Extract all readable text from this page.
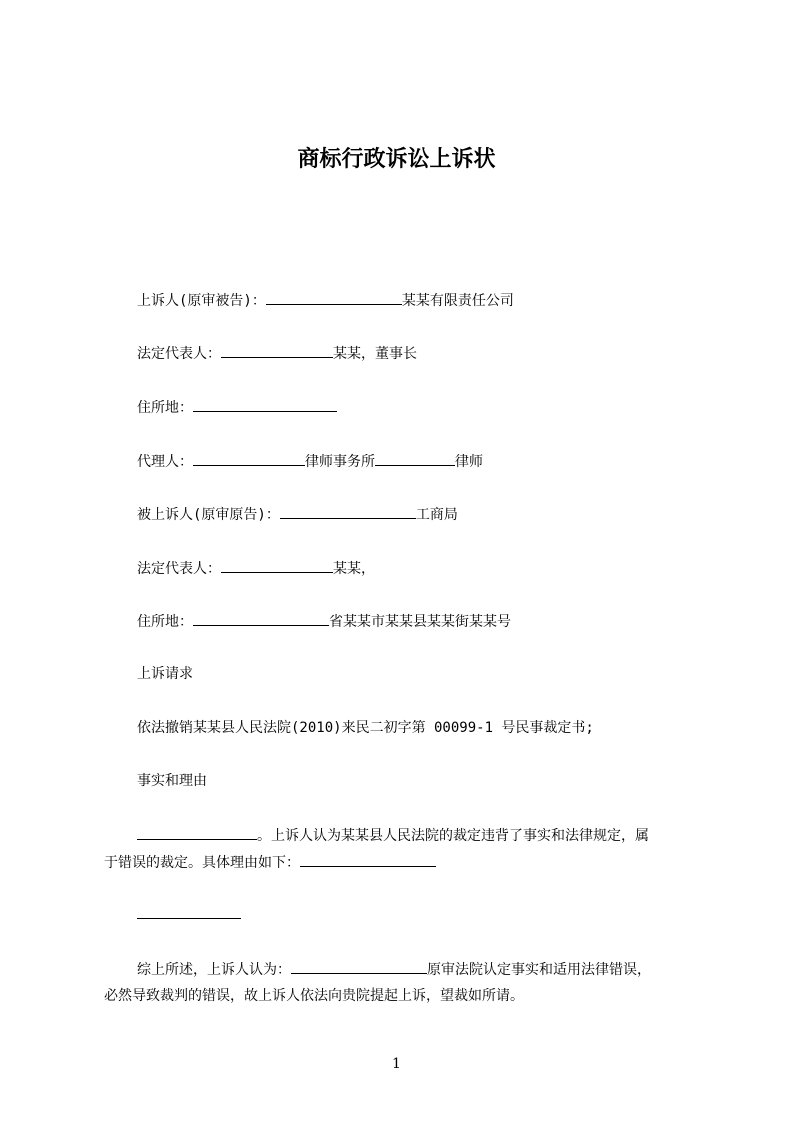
商标行政诉讼上诉状
上诉人(原审被告)：	某某有限责任公司
法定代表人：	某某，董事长
住所地：
代理人：	律师事务所	律师
被上诉人(原审原告)：	工商局
法定代表人：	某某，
住所地：	省某某市某某县某某街某某号
上诉请求
依法撤销某某县人民法院(2010)来民二初字第 00099-1 号民事裁定书;
事实和理由
。上诉人认为某某县人民法院的裁定违背了事实和法律规定，属
于错误的裁定。具体理由如下：
综上所述，上诉人认为：	原审法院认定事实和适用法律错误，
必然导致裁判的错误，故上诉人依法向贵院提起上诉，望裁如所请。
1
